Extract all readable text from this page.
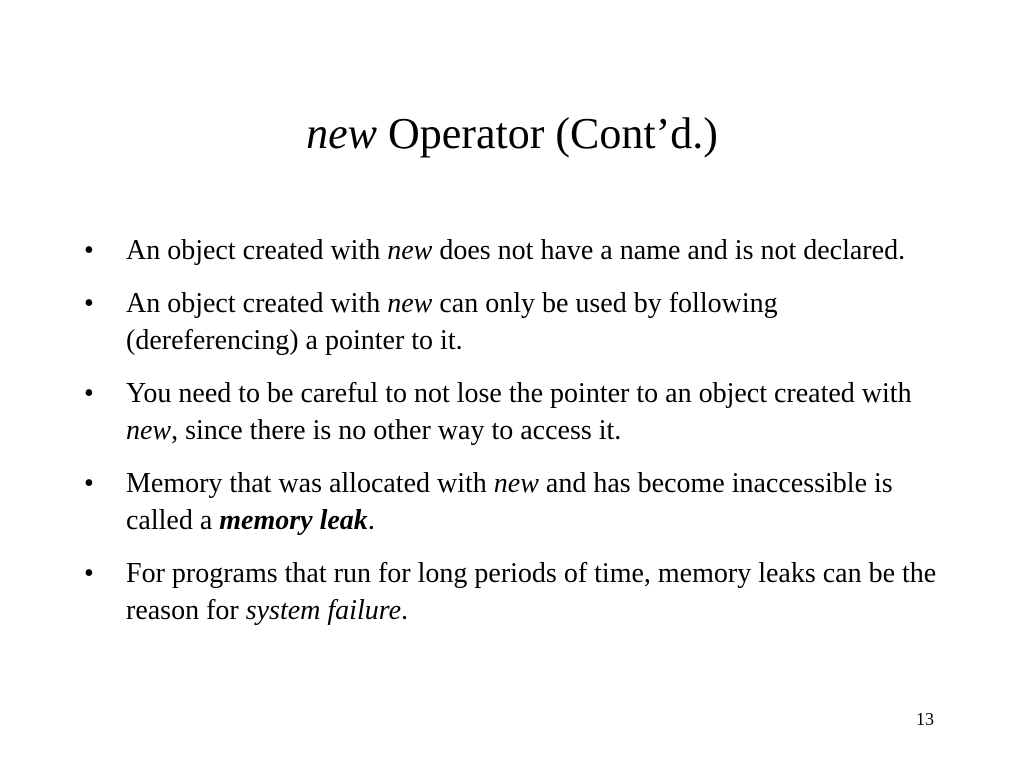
new Operator (Cont’d.)
•	An object created with new does not have a name and is not declared.
•	An object created with new can only be used by following (dereferencing) a pointer to it.
•	You need to be careful to not lose the pointer to an object created with new, since there is no other way to access it.
•	Memory that was allocated with new and has become inaccessible is called a memory leak.
•	For programs that run for long periods of time, memory leaks can be the reason for system failure.
13
